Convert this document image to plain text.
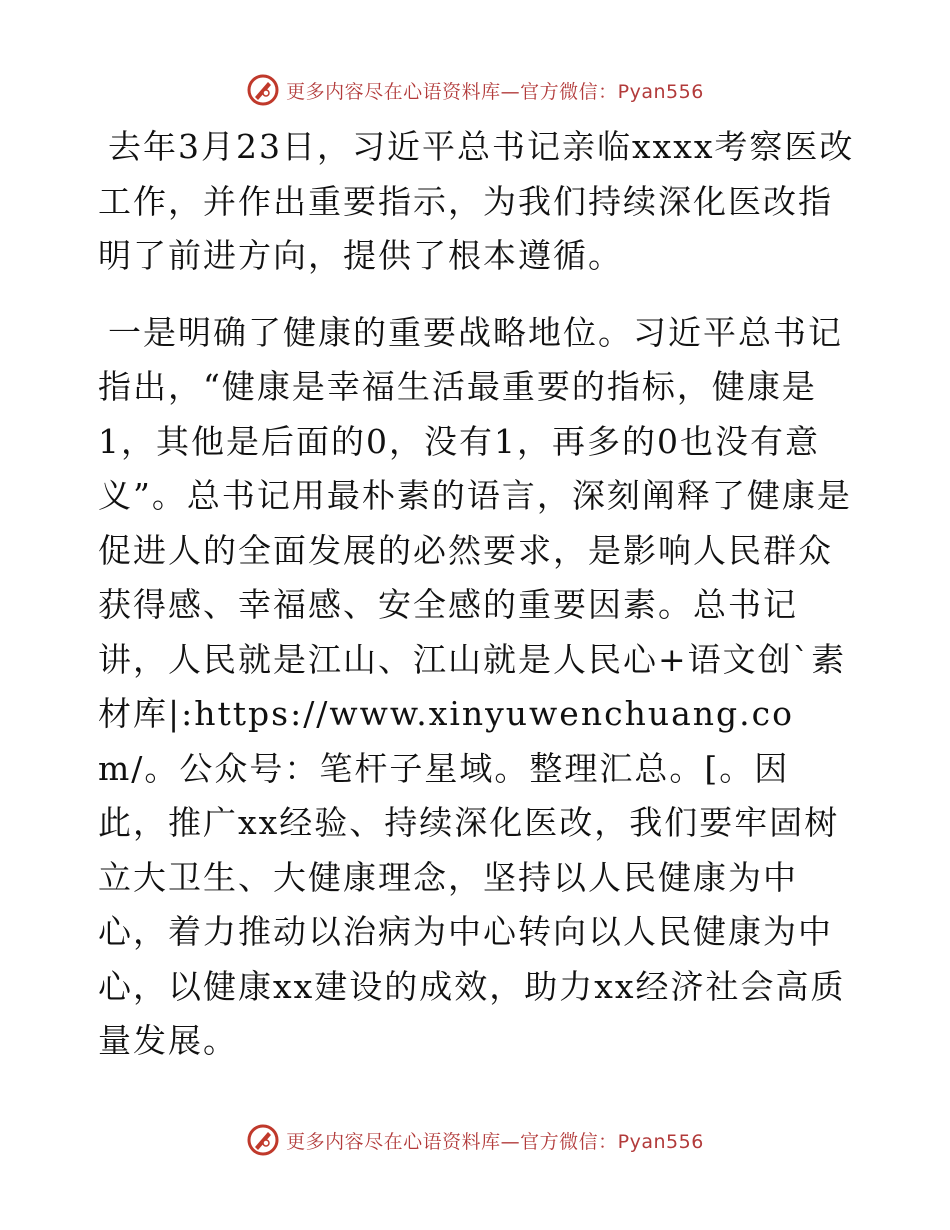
更多内容尽在心语资料库—官方微信：Pyan556

去年3月23日，习近平总书记亲临xxxx考察医改工作，并作出重要指示，为我们持续深化医改指明了前进方向，提供了根本遵循。

一是明确了健康的重要战略地位。习近平总书记指出，“健康是幸福生活最重要的指标，健康是1，其他是后面的0，没有1，再多的0也没有意义”。总书记用最朴素的语言，深刻阐释了健康是促进人的全面发展的必然要求，是影响人民群众获得感、幸福感、安全感的重要因素。总书记讲，人民就是江山、江山就是人民心+语文创`素材库|:https://www.xinyuwenchuang.com/。公众号：笔杆子星域。整理汇总。[。因此，推广xx经验、持续深化医改，我们要牢固树立大卫生、大健康理念，坚持以人民健康为中心，着力推动以治病为中心转向以人民健康为中心，以健康xx建设的成效，助力xx经济社会高质量发展。

更多内容尽在心语资料库—官方微信：Pyan556
